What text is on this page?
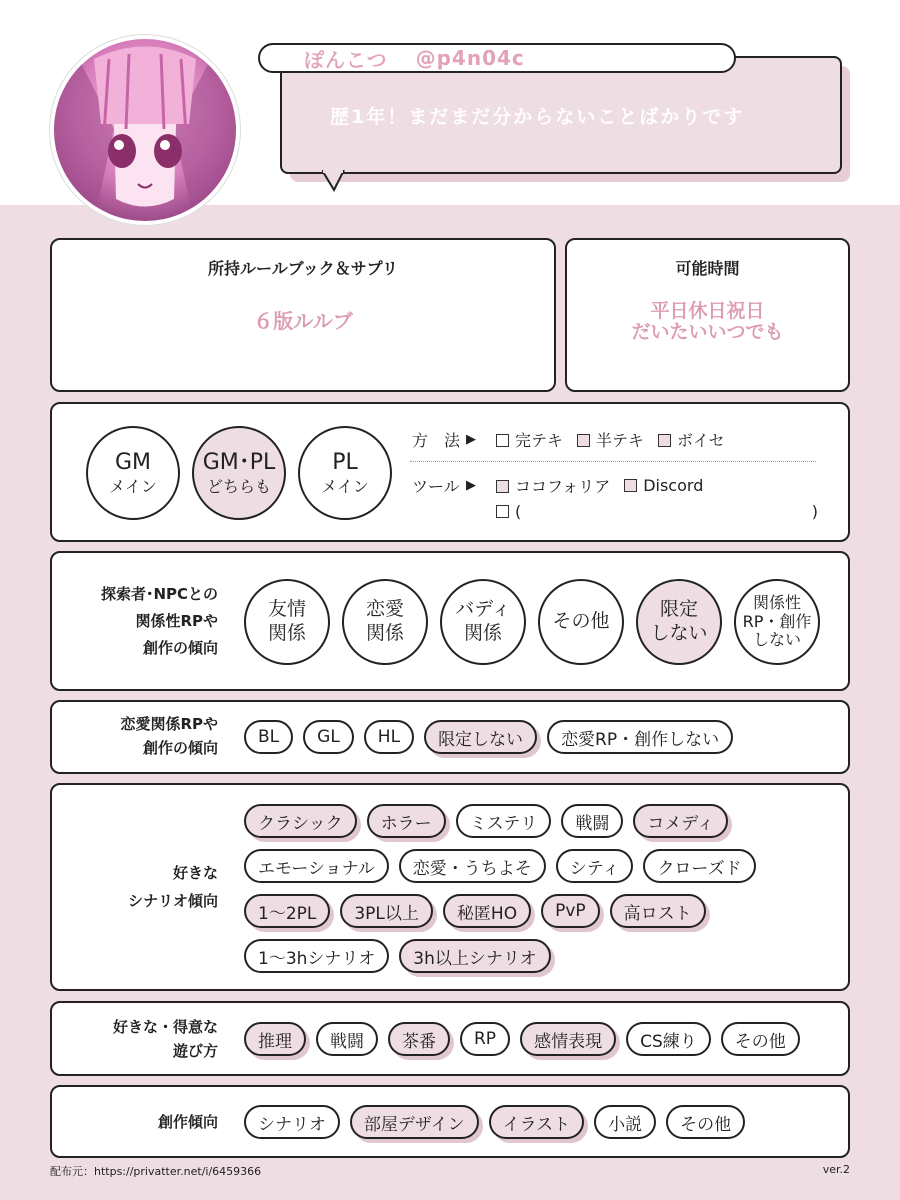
歴1年！まだまだ分からないことばかりです
ぽんこつ @p4n04c
所持ルールブック＆サプリ
６版ルルブ
可能時間
平日休日祝日
だいたいいつでも
GM
メイン
GM･PL
どちらも
PL
メイン
方　法 ▶	完テキ	半テキ	ボイセ
ツール ▶	ココフォリア	Discord
(	)
探索者･NPCとの
関係性RPや
創作の傾向
友情
関係
恋愛
関係
バディ
関係
その他
限定
しない
関係性
RP・創作
しない
恋愛関係RPや
創作の傾向
BL GL HL 限定しない 恋愛RP・創作しない
好きな
シナリオ傾向
クラシック ホラー ミステリ 戦闘 コメディ
エモーショナル 恋愛・うちよそ シティ クローズド
1〜2PL 3PL以上 秘匿HO PvP 高ロスト
1〜3hシナリオ 3h以上シナリオ
好きな・得意な
遊び方 推理 戦闘 茶番 RP 感情表現 CS練り その他
創作傾向 シナリオ 部屋デザイン イラスト 小説 その他
配布元：https://privatter.net/i/6459366	ver.2
